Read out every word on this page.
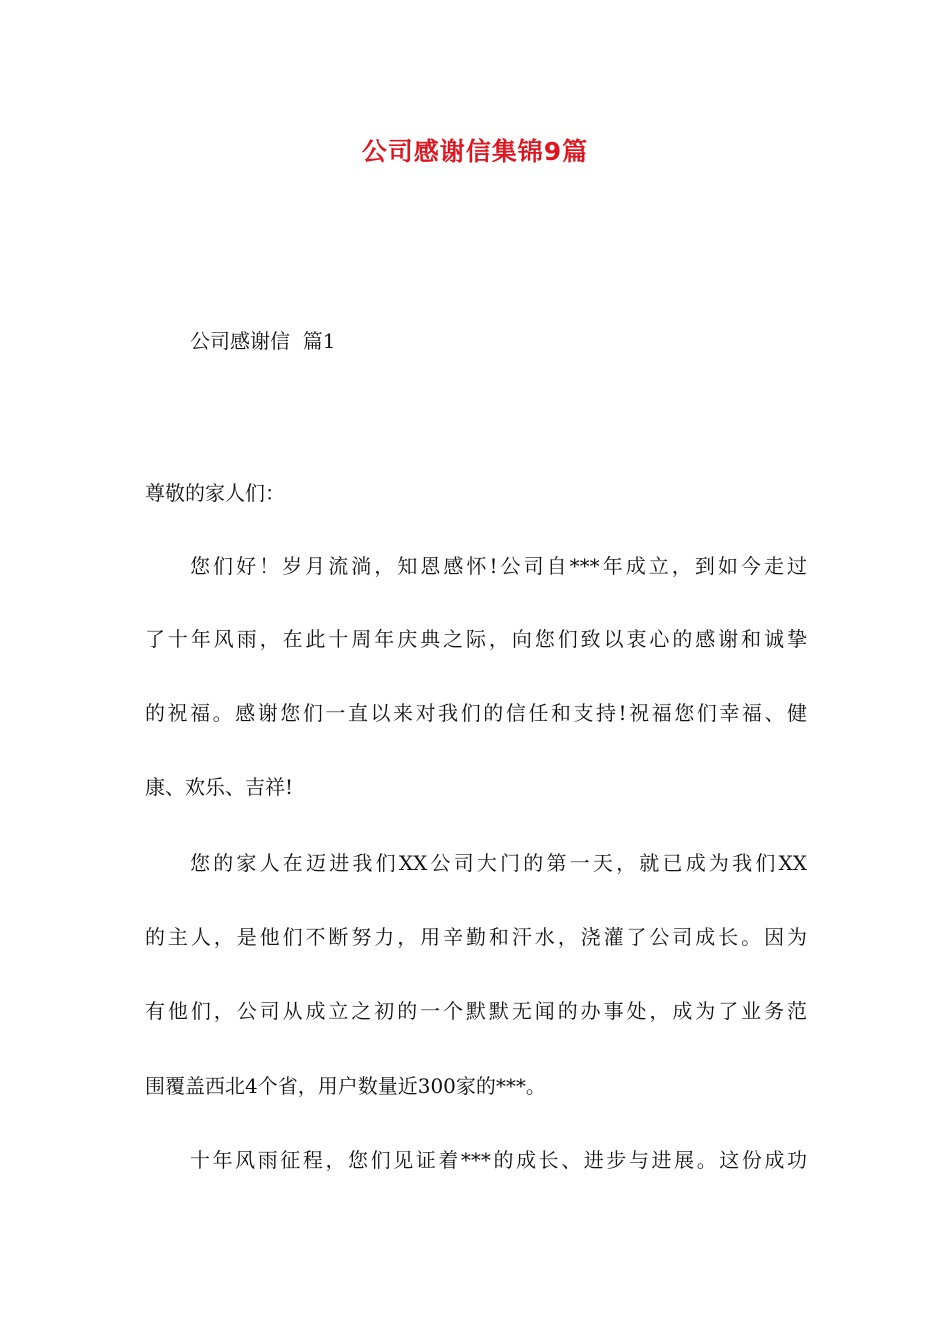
公司感谢信集锦9篇
公司感谢信  篇1
尊敬的家人们：
您们好！岁月流淌，知恩感怀!公司自***年成立，到如今走过
了十年风雨，在此十周年庆典之际，向您们致以衷心的感谢和诚挚
的祝福。感谢您们一直以来对我们的信任和支持!祝福您们幸福、健
康、欢乐、吉祥!
您的家人在迈进我们XX公司大门的第一天，就已成为我们XX
的主人，是他们不断努力，用辛勤和汗水，浇灌了公司成长。因为
有他们，公司从成立之初的一个默默无闻的办事处，成为了业务范
围覆盖西北4个省，用户数量近300家的***。
十年风雨征程，您们见证着***的成长、进步与进展。这份成功
